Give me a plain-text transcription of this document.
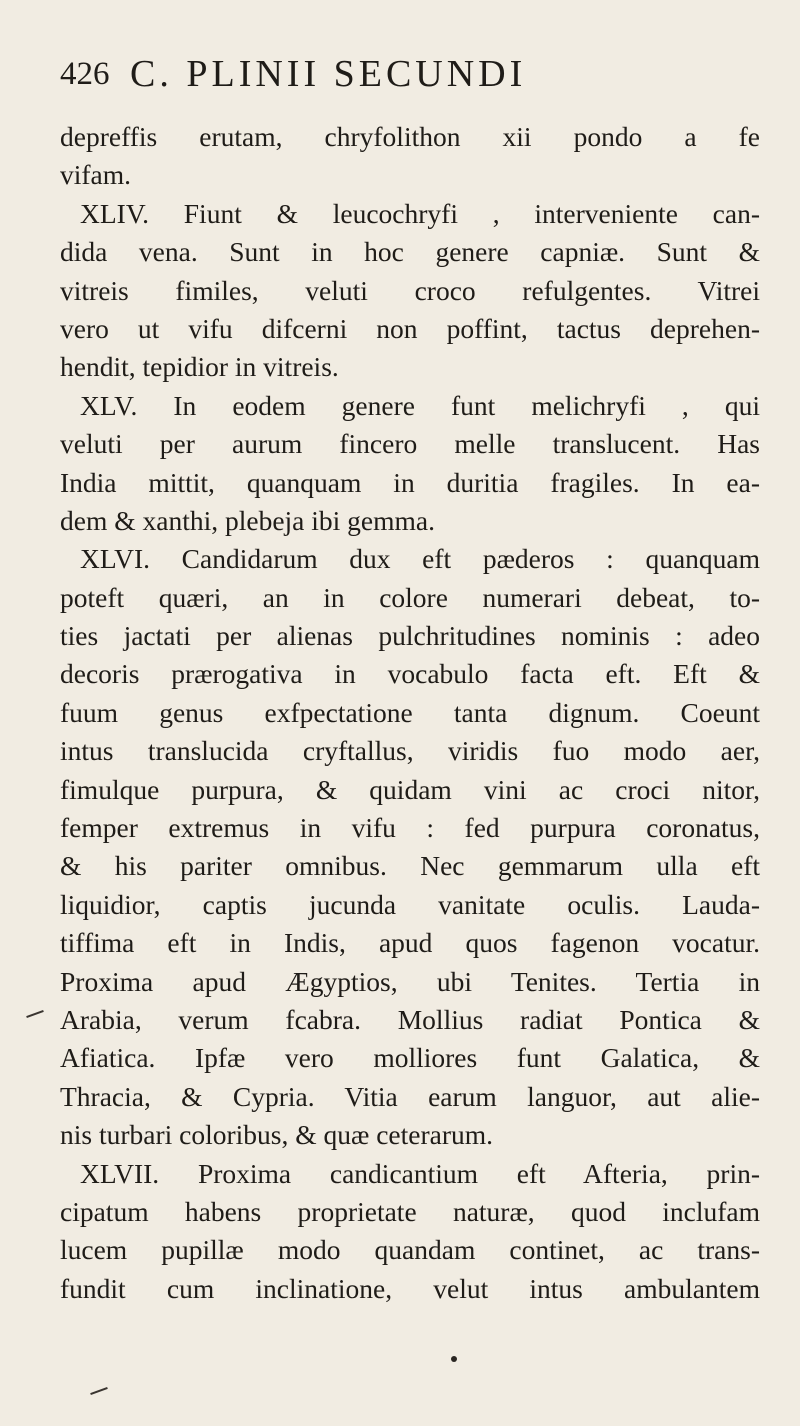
426 C. PLINII SECUNDI
depreffis erutam, chryfolithon xii pondo a fe
vifam.
XLIV. Fiunt & leucochryfi , interveniente can-
dida vena. Sunt in hoc genere capniæ. Sunt &
vitreis fimiles, veluti croco refulgentes. Vitrei
vero ut vifu difcerni non poffint, tactus deprehen-
hendit, tepidior in vitreis.
XLV. In eodem genere funt melichryfi , qui
veluti per aurum fincero melle translucent. Has
India mittit, quanquam in duritia fragiles. In ea-
dem & xanthi, plebeja ibi gemma.
XLVI. Candidarum dux eft pæderos : quanquam
poteft quæri, an in colore numerari debeat, to-
ties jactati per alienas pulchritudines nominis : adeo
decoris prærogativa in vocabulo facta eft. Eft &
fuum genus exfpectatione tanta dignum. Coeunt
intus translucida cryftallus, viridis fuo modo aer,
fimulque purpura, & quidam vini ac croci nitor,
femper extremus in vifu : fed purpura coronatus,
& his pariter omnibus. Nec gemmarum ulla eft
liquidior, captis jucunda vanitate oculis. Lauda-
tiffima eft in Indis, apud quos fagenon vocatur.
Proxima apud Ægyptios, ubi Tenites. Tertia in
Arabia, verum fcabra. Mollius radiat Pontica &
Afiatica. Ipfæ vero molliores funt Galatica, &
Thracia, & Cypria. Vitia earum languor, aut alie-
nis turbari coloribus, & quæ ceterarum.
XLVII. Proxima candicantium eft Afteria, prin-
cipatum habens proprietate naturæ, quod inclufam
lucem pupillæ modo quandam continet, ac trans-
fundit cum inclinatione, velut intus ambulantem
